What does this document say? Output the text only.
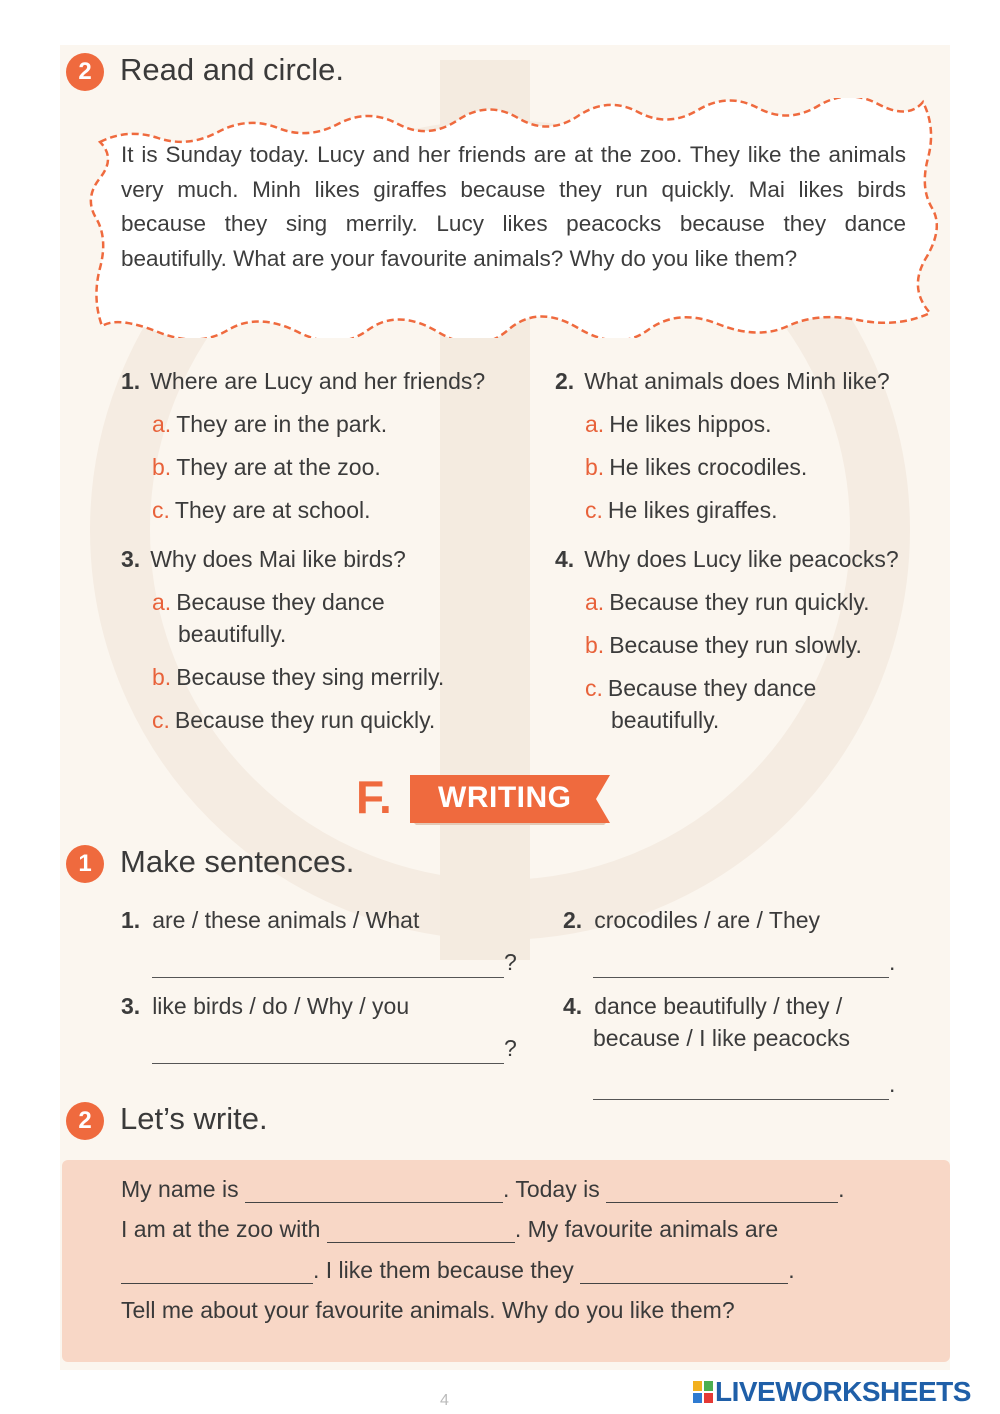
2 Read and circle.
It is Sunday today. Lucy and her friends are at the zoo. They like the animals very much. Minh likes giraffes because they run quickly. Mai likes birds because they sing merrily. Lucy likes peacocks because they dance beautifully. What are your favourite animals? Why do you like them?
1. Where are Lucy and her friends?
a. They are in the park.
b. They are at the zoo.
c. They are at school.
2. What animals does Minh like?
a. He likes hippos.
b. He likes crocodiles.
c. He likes giraffes.
3. Why does Mai like birds?
a. Because they dance
beautifully.
b. Because they sing merrily.
c. Because they run quickly.
4. Why does Lucy like peacocks?
a. Because they run quickly.
b. Because they run slowly.
c. Because they dance
beautifully.
F. WRITING
1 Make sentences.
1. are / these animals / What
?
2. crocodiles / are / They
.
3. like birds / do / Why / you
?
4. dance beautifully / they /
because / I like peacocks
.
2 Let’s write.
My name is	. Today is	.
I am at the zoo with	. My favourite animals are
. I like them because they	.
Tell me about your favourite animals. Why do you like them?
4	LIVEWORKSHEETS
